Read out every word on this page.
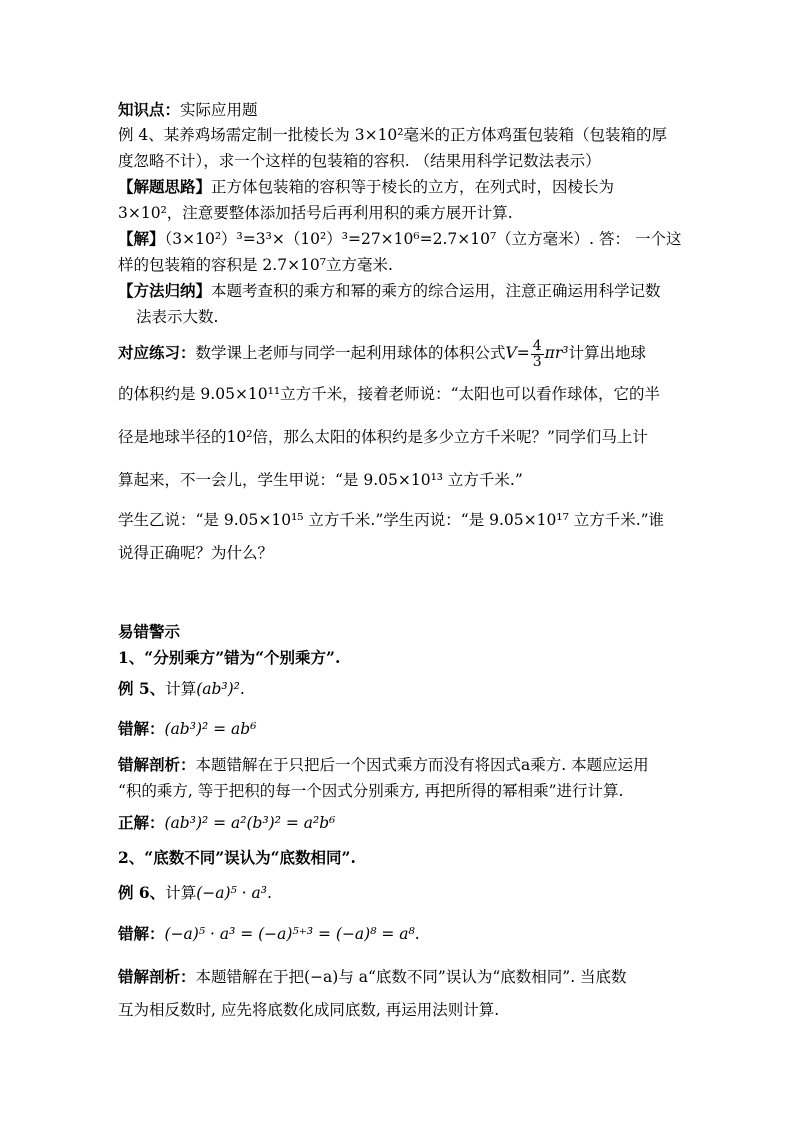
知识点：实际应用题
例 4、某养鸡场需定制一批棱长为 3×10²毫米的正方体鸡蛋包装箱（包装箱的厚
度忽略不计），求一个这样的包装箱的容积. （结果用科学记数法表示）
【解题思路】正方体包装箱的容积等于棱长的立方，在列式时，因棱长为
3×10²，注意要整体添加括号后再利用积的乘方展开计算.
【解】（3×10²）³=3³×（10²）³=27×10⁶=2.7×10⁷（立方毫米）. 答： 一个这
样的包装箱的容积是 2.7×10⁷立方毫米.
【方法归纳】本题考查积的乘方和幂的乘方的综合运用，注意正确运用科学记数
法表示大数.
对应练习：数学课上老师与同学一起利用球体的体积公式$V= \frac{4}{3} \pi r^3$计算出地球
的体积约是 9.05×10¹¹立方千米，接着老师说：“太阳也可以看作球体，它的半
径是地球半径的10²倍，那么太阳的体积约是多少立方千米呢？”同学们马上计
算起来，不一会儿，学生甲说：“是 9.05×10¹³ 立方千米.”
学生乙说：“是 9.05×10¹⁵ 立方千米.”学生丙说：“是 9.05×10¹⁷ 立方千米.”谁
说得正确呢？为什么？
易错警示
1、“分别乘方”错为“个别乘方”.
例 5、计算(ab³)².
错解：(ab³)² = ab⁶
错解剖析：本题错解在于只把后一个因式乘方而没有将因式a乘方. 本题应运用
“积的乘方, 等于把积的每一个因式分别乘方, 再把所得的幂相乘”进行计算.
正解：(ab³)² = a²(b³)² = a²b⁶
2、“底数不同”误认为“底数相同”.
例 6、计算(−a)⁵ · a³.
错解：(−a)⁵ · a³ = (−a)⁵⁺³ = (−a)⁸ = a⁸.
错解剖析：本题错解在于把(−a)与 a“底数不同”误认为“底数相同”. 当底数
互为相反数时, 应先将底数化成同底数, 再运用法则计算.
